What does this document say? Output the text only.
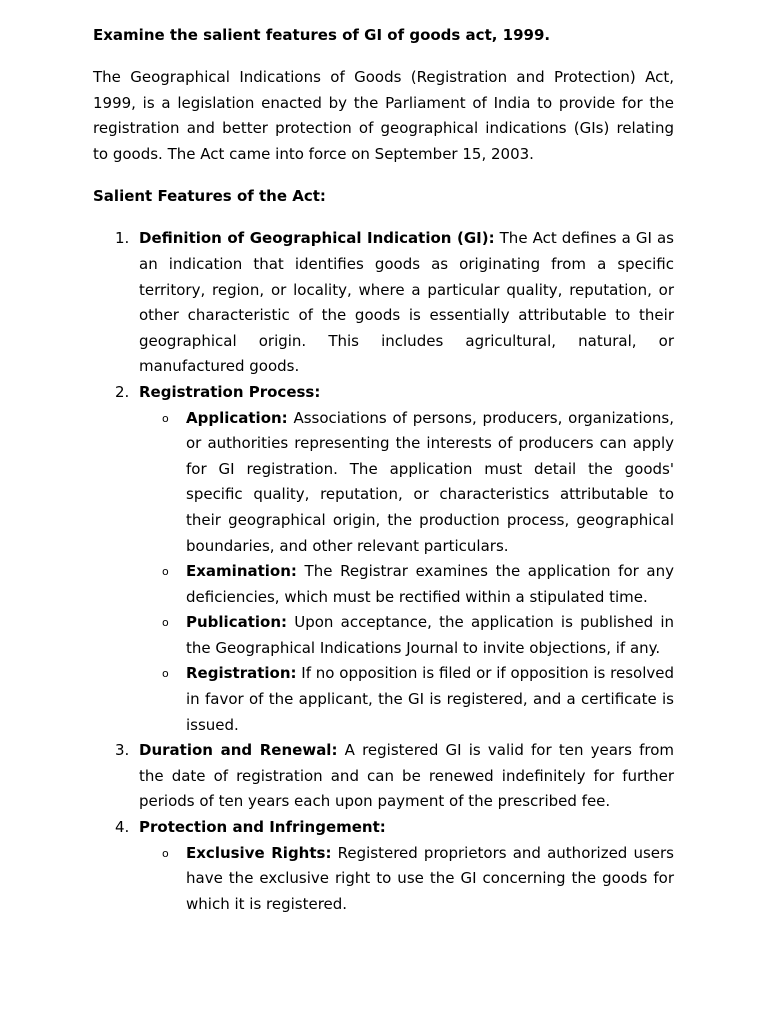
Examine the salient features of GI of goods act, 1999.
The Geographical Indications of Goods (Registration and Protection) Act, 1999, is a legislation enacted by the Parliament of India to provide for the registration and better protection of geographical indications (GIs) relating to goods. The Act came into force on September 15, 2003.
Salient Features of the Act:
1. Definition of Geographical Indication (GI): The Act defines a GI as an indication that identifies goods as originating from a specific territory, region, or locality, where a particular quality, reputation, or other characteristic of the goods is essentially attributable to their geographical origin. This includes agricultural, natural, or manufactured goods.
2. Registration Process:
o Application: Associations of persons, producers, organizations, or authorities representing the interests of producers can apply for GI registration. The application must detail the goods' specific quality, reputation, or characteristics attributable to their geographical origin, the production process, geographical boundaries, and other relevant particulars.
o Examination: The Registrar examines the application for any deficiencies, which must be rectified within a stipulated time.
o Publication: Upon acceptance, the application is published in the Geographical Indications Journal to invite objections, if any.
o Registration: If no opposition is filed or if opposition is resolved in favor of the applicant, the GI is registered, and a certificate is issued.
3. Duration and Renewal: A registered GI is valid for ten years from the date of registration and can be renewed indefinitely for further periods of ten years each upon payment of the prescribed fee.
4. Protection and Infringement:
o Exclusive Rights: Registered proprietors and authorized users have the exclusive right to use the GI concerning the goods for which it is registered.
